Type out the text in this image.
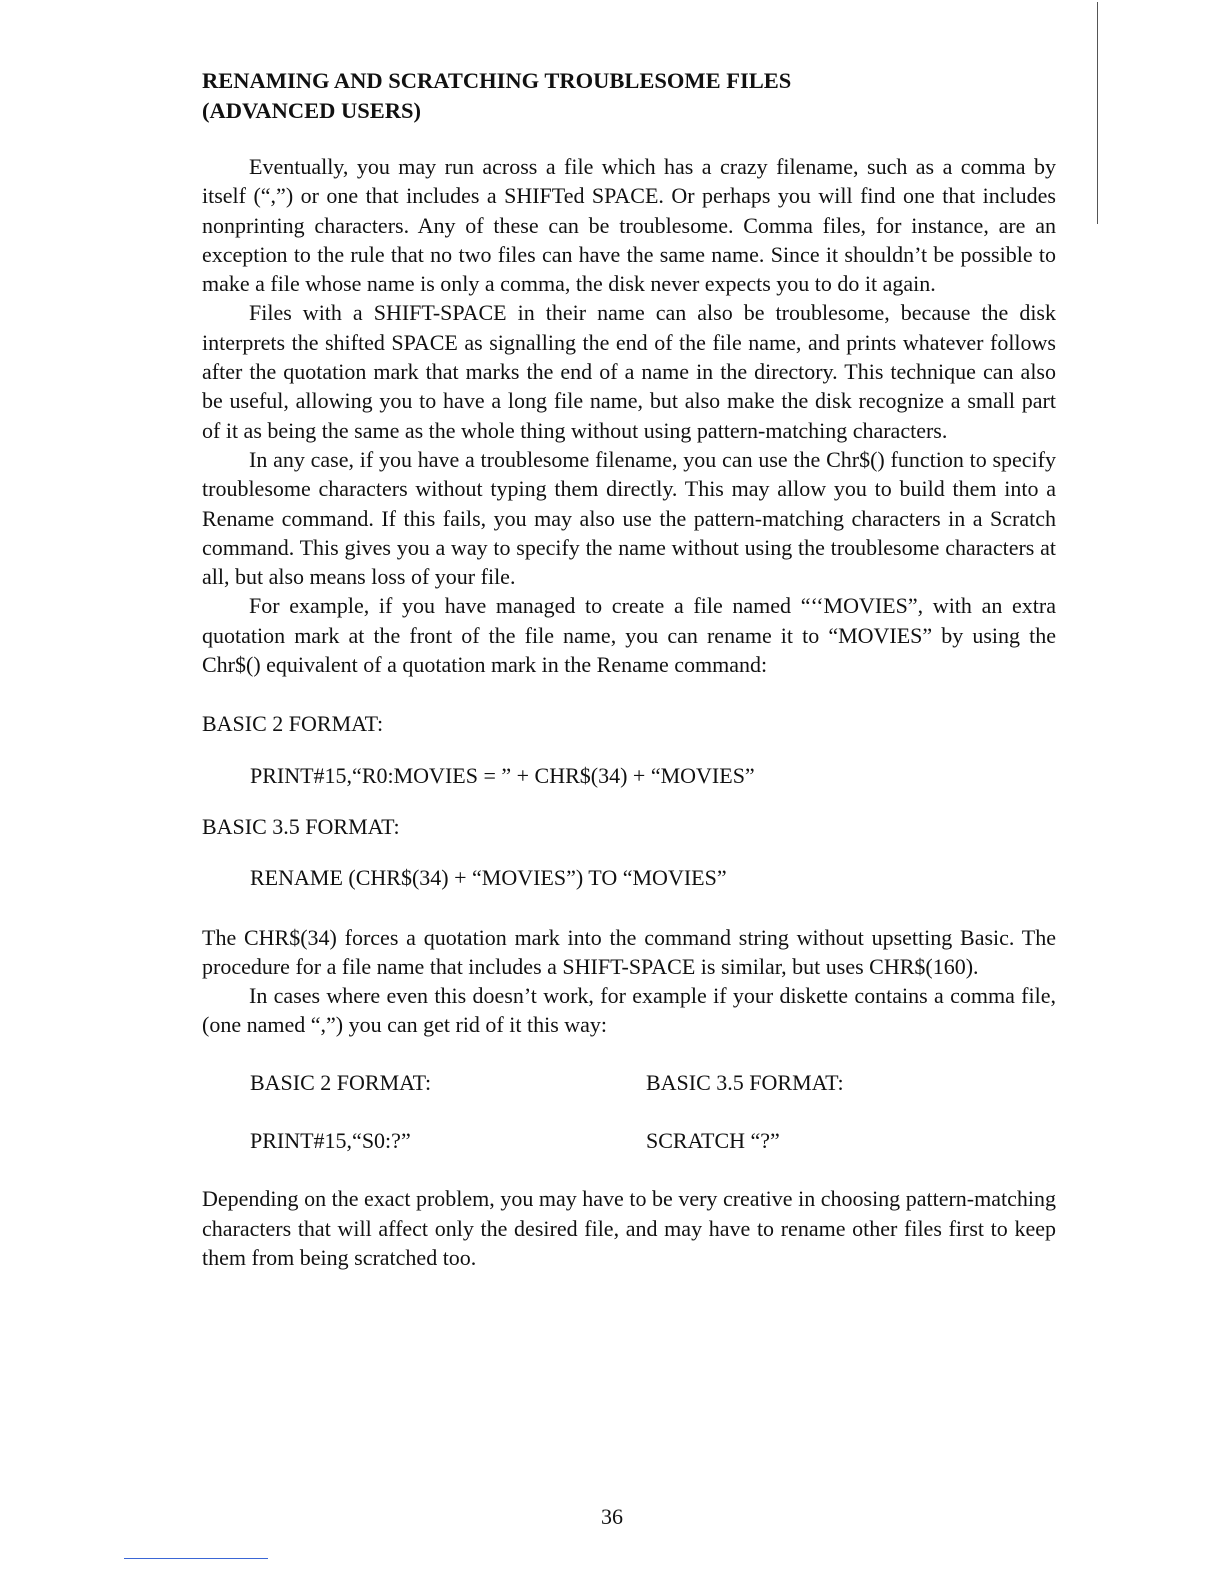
RENAMING AND SCRATCHING TROUBLESOME FILES
(ADVANCED USERS)

Eventually, you may run across a file which has a crazy filename, such as a comma by itself (“,”) or one that includes a SHIFTed SPACE. Or perhaps you will find one that includes nonprinting characters. Any of these can be troublesome. Comma files, for instance, are an exception to the rule that no two files can have the same name. Since it shouldn’t be possible to make a file whose name is only a comma, the disk never expects you to do it again.

Files with a SHIFT-SPACE in their name can also be troublesome, because the disk interprets the shifted SPACE as signalling the end of the file name, and prints whatever follows after the quotation mark that marks the end of a name in the directory. This technique can also be useful, allowing you to have a long file name, but also make the disk recognize a small part of it as being the same as the whole thing without using pattern-matching characters.

In any case, if you have a troublesome filename, you can use the Chr$() function to specify troublesome characters without typing them directly. This may allow you to build them into a Rename command. If this fails, you may also use the pattern-matching characters in a Scratch command. This gives you a way to specify the name without using the troublesome characters at all, but also means loss of your file.

For example, if you have managed to create a file named “‘‘MOVIES”, with an extra quotation mark at the front of the file name, you can rename it to “MOVIES” by using the Chr$() equivalent of a quotation mark in the Rename command:

BASIC 2 FORMAT:
PRINT#15,“R0:MOVIES = ” + CHR$(34) + “MOVIES”
BASIC 3.5 FORMAT:
RENAME (CHR$(34) + “MOVIES”) TO “MOVIES”

The CHR$(34) forces a quotation mark into the command string without upsetting Basic. The procedure for a file name that includes a SHIFT-SPACE is similar, but uses CHR$(160).

In cases where even this doesn’t work, for example if your diskette contains a comma file, (one named “,”) you can get rid of it this way:

BASIC 2 FORMAT:	BASIC 3.5 FORMAT:
PRINT#15,“S0:?”	SCRATCH “?”

Depending on the exact problem, you may have to be very creative in choosing pattern-matching characters that will affect only the desired file, and may have to rename other files first to keep them from being scratched too.

36
